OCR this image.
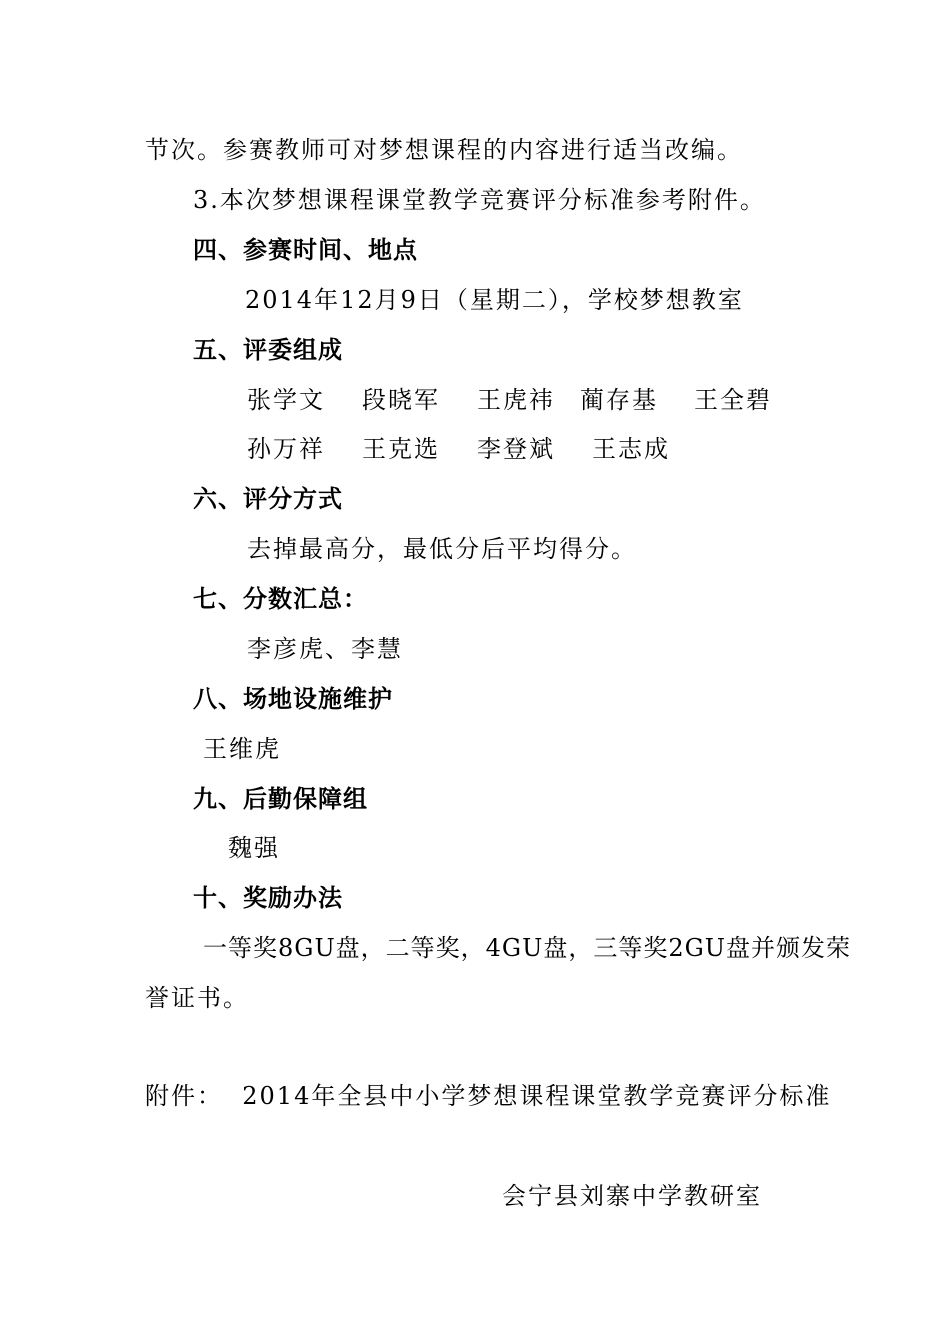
节次。参赛教师可对梦想课程的内容进行适当改编。
3.本次梦想课程课堂教学竞赛评分标准参考附件。
四、参赛时间、地点
2014年12月9日（星期二），学校梦想教室
五、评委组成
张学文 段晓军 王虎祎 蔺存基 王全碧
孙万祥 王克选 李登斌 王志成
六、评分方式
去掉最高分，最低分后平均得分。
七、分数汇总：
李彦虎、李慧
八、场地设施维护
王维虎
九、后勤保障组
魏强
十、奖励办法
一等奖8GU盘，二等奖，4GU盘，三等奖2GU盘并颁发荣
誉证书。
附件：  2014年全县中小学梦想课程课堂教学竞赛评分标准
会宁县刘寨中学教研室
